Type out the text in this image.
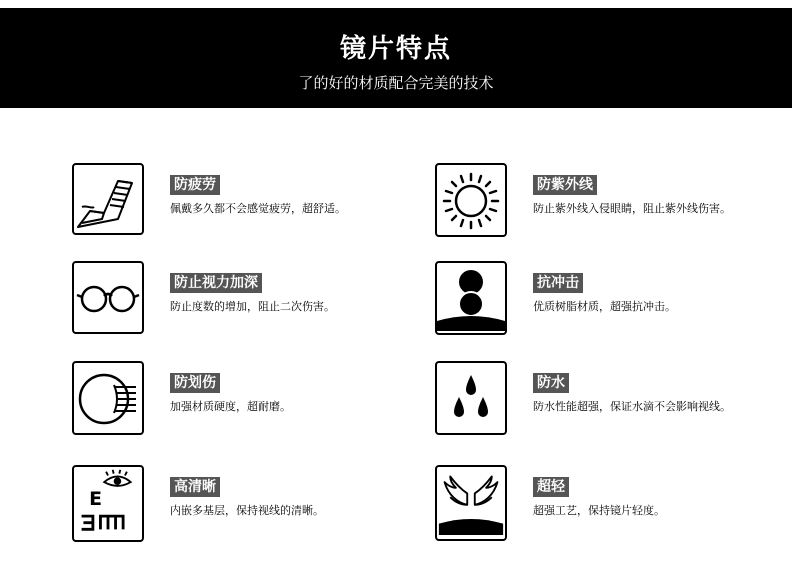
镜片特点
了的好的材质配合完美的技术
防疲劳
佩戴多久都不会感觉疲劳，超舒适。
防紫外线
防止紫外线入侵眼睛，阻止紫外线伤害。
防止视力加深
防止度数的增加，阻止二次伤害。
抗冲击
优质树脂材质，超强抗冲击。
防划伤
加强材质硬度，超耐磨。
防水
防水性能超强，保证水滴不会影响视线。
E
高清晰
内嵌多基层，保持视线的清晰。
超轻
超强工艺，保持镜片轻度。
